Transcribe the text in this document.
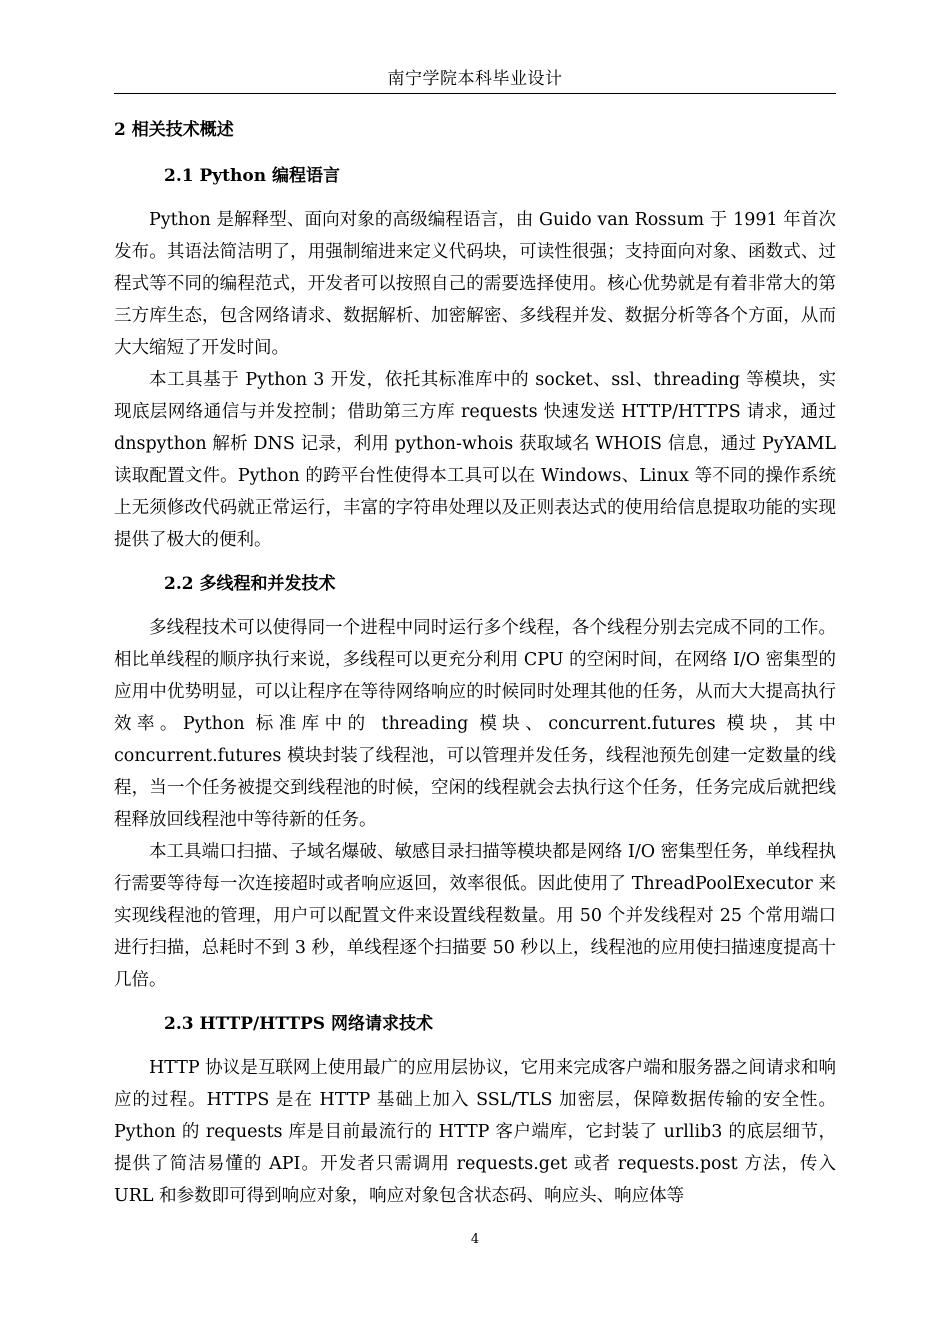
南宁学院本科毕业设计
2 相关技术概述
2.1 Python 编程语言

Python 是解释型、面向对象的高级编程语言，由 Guido van Rossum 于 1991 年首次发布。其语法简洁明了，用强制缩进来定义代码块，可读性很强；支持面向对象、函数式、过程式等不同的编程范式，开发者可以按照自己的需要选择使用。核心优势就是有着非常大的第三方库生态，包含网络请求、数据解析、加密解密、多线程并发、数据分析等各个方面，从而大大缩短了开发时间。

本工具基于 Python 3 开发，依托其标准库中的 socket、ssl、threading 等模块，实现底层网络通信与并发控制；借助第三方库 requests 快速发送 HTTP/HTTPS 请求，通过 dnspython 解析 DNS 记录，利用 python-whois 获取域名 WHOIS 信息，通过 PyYAML 读取配置文件。Python 的跨平台性使得本工具可以在 Windows、Linux 等不同的操作系统上无须修改代码就正常运行，丰富的字符串处理以及正则表达式的使用给信息提取功能的实现提供了极大的便利。

2.2 多线程和并发技术

多线程技术可以使得同一个进程中同时运行多个线程，各个线程分别去完成不同的工作。相比单线程的顺序执行来说，多线程可以更充分利用 CPU 的空闲时间，在网络 I/O 密集型的应用中优势明显，可以让程序在等待网络响应的时候同时处理其他的任务，从而大大提高执行效率。Python 标准库中的 threading 模块、concurrent.futures 模块，其中 concurrent.futures 模块封装了线程池，可以管理并发任务，线程池预先创建一定数量的线程，当一个任务被提交到线程池的时候，空闲的线程就会去执行这个任务，任务完成后就把线程释放回线程池中等待新的任务。

本工具端口扫描、子域名爆破、敏感目录扫描等模块都是网络 I/O 密集型任务，单线程执行需要等待每一次连接超时或者响应返回，效率很低。因此使用了 ThreadPoolExecutor 来实现线程池的管理，用户可以配置文件来设置线程数量。用 50 个并发线程对 25 个常用端口进行扫描，总耗时不到 3 秒，单线程逐个扫描要 50 秒以上，线程池的应用使扫描速度提高十几倍。

2.3 HTTP/HTTPS 网络请求技术

HTTP 协议是互联网上使用最广的应用层协议，它用来完成客户端和服务器之间请求和响应的过程。HTTPS 是在 HTTP 基础上加入 SSL/TLS 加密层，保障数据传输的安全性。Python 的 requests 库是目前最流行的 HTTP 客户端库，它封装了 urllib3 的底层细节，提供了简洁易懂的 API。开发者只需调用 requests.get 或者 requests.post 方法，传入 URL 和参数即可得到响应对象，响应对象包含状态码、响应头、响应体等

4
